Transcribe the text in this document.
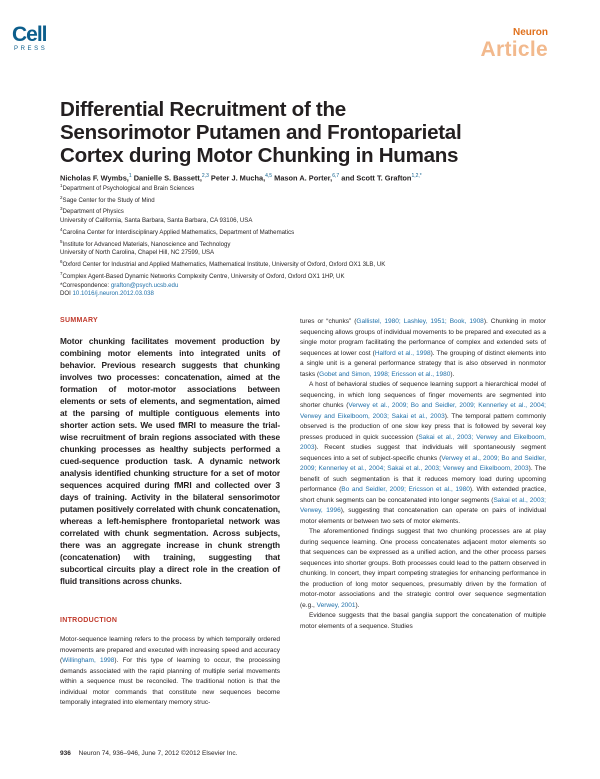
Cell
PRESS
Neuron
Article
Differential Recruitment of the Sensorimotor Putamen and Frontoparietal Cortex during Motor Chunking in Humans
Nicholas F. Wymbs,$^1$ Danielle S. Bassett,$^{2,3}$ Peter J. Mucha,$^{4,5}$ Mason A. Porter,$^{6,7}$ and Scott T. Grafton$^{1,2,*}$
$^1$Department of Psychological and Brain Sciences
$^2$Sage Center for the Study of Mind
$^3$Department of Physics
University of California, Santa Barbara, Santa Barbara, CA 93106, USA
$^4$Carolina Center for Interdisciplinary Applied Mathematics, Department of Mathematics
$^5$Institute for Advanced Materials, Nanoscience and Technology
University of North Carolina, Chapel Hill, NC 27599, USA
$^6$Oxford Center for Industrial and Applied Mathematics, Mathematical Institute, University of Oxford, Oxford OX1 3LB, UK
$^7$Complex Agent-Based Dynamic Networks Complexity Centre, University of Oxford, Oxford OX1 1HP, UK
*Correspondence: grafton@psych.ucsb.edu
DOI 10.1016/j.neuron.2012.03.038
SUMMARY

Motor chunking facilitates movement production by combining motor elements into integrated units of behavior. Previous research suggests that chunking involves two processes: concatenation, aimed at the formation of motor-motor associations between elements or sets of elements, and segmentation, aimed at the parsing of multiple contiguous elements into shorter action sets. We used fMRI to measure the trial-wise recruitment of brain regions associated with these chunking processes as healthy subjects performed a cued-sequence production task. A dynamic network analysis identified chunking structure for a set of motor sequences acquired during fMRI and collected over 3 days of training. Activity in the bilateral sensorimotor putamen positively correlated with chunk concatenation, whereas a left-hemisphere frontoparietal network was correlated with chunk segmentation. Across subjects, there was an aggregate increase in chunk strength (concatenation) with training, suggesting that subcortical circuits play a direct role in the creation of fluid transitions across chunks.

INTRODUCTION

Motor-sequence learning refers to the process by which temporally ordered movements are prepared and executed with increasing speed and accuracy (Willingham, 1998). For this type of learning to occur, the processing demands associated with the rapid planning of multiple serial movements within a sequence must be reconciled. The traditional notion is that the individual motor commands that constitute new sequences become temporally integrated into elementary memory struc-

tures or “chunks” (Gallistel, 1980; Lashley, 1951; Book, 1908). Chunking in motor sequencing allows groups of individual movements to be prepared and executed as a single motor program facilitating the performance of complex and extended sets of sequences at lower cost (Halford et al., 1998). The grouping of distinct elements into a single unit is a general performance strategy that is also observed in nonmotor tasks (Gobet and Simon, 1998; Ericsson et al., 1980).

A host of behavioral studies of sequence learning support a hierarchical model of sequencing, in which long sequences of finger movements are segmented into shorter chunks (Verwey et al., 2009; Bo and Seidler, 2009; Kennerley et al., 2004; Verwey and Eikelboom, 2003; Sakai et al., 2003). The temporal pattern commonly observed is the production of one slow key press that is followed by several key presses produced in quick succession (Sakai et al., 2003; Verwey and Eikelboom, 2003). Recent studies suggest that individuals will spontaneously segment sequences into a set of subject-specific chunks (Verwey et al., 2009; Bo and Seidler, 2009; Kennerley et al., 2004; Sakai et al., 2003; Verwey and Eikelboom, 2003). The benefit of such segmentation is that it reduces memory load during upcoming performance (Bo and Seidler, 2009; Ericsson et al., 1980). With extended practice, short chunk segments can be concatenated into longer segments (Sakai et al., 2003; Verwey, 1996), suggesting that concatenation can operate on pairs of individual motor elements or between two sets of motor elements.

The aforementioned findings suggest that two chunking processes are at play during sequence learning. One process concatenates adjacent motor elements so that sequences can be expressed as a unified action, and the other process parses sequences into shorter groups. Both processes could lead to the pattern observed in chunking. In concert, they impart competing strategies for enhancing performance in the production of long motor sequences, presumably driven by the formation of motor-motor associations and the strategic control over sequence segmentation (e.g., Verwey, 2001).

Evidence suggests that the basal ganglia support the concatenation of multiple motor elements of a sequence. Studies

936 Neuron 74, 936–946, June 7, 2012 ©2012 Elsevier Inc.
